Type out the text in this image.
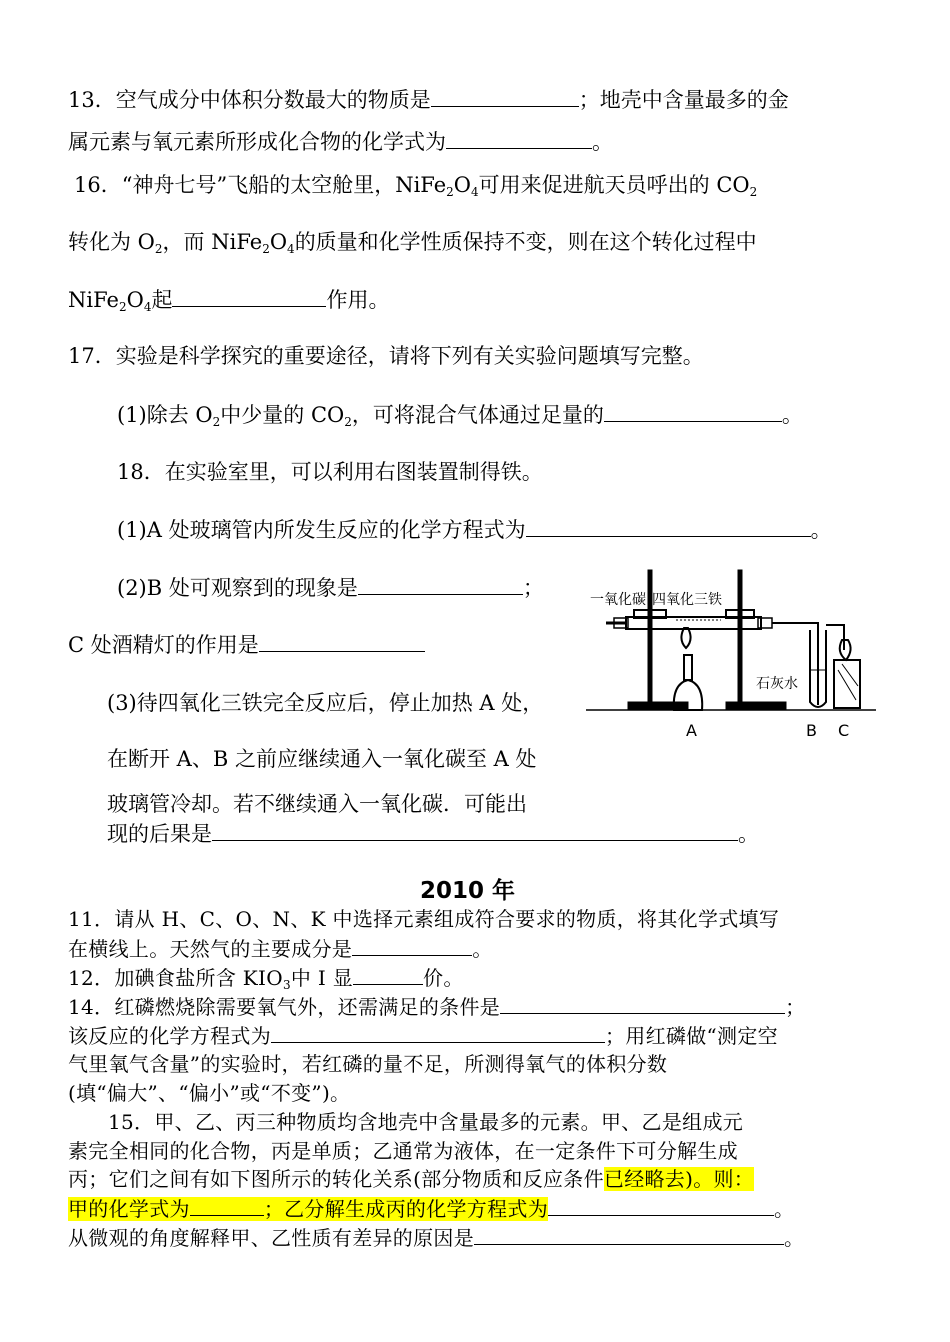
13．空气成分中体积分数最大的物质是	；地壳中含量最多的金
属元素与氧元素所形成化合物的化学式为	。
16．“神舟七号”飞船的太空舱里，$NiFe_2O_4$可用来促进航天员呼出的 $CO_2$
转化为 $O_2$，而 $NiFe_2O_4$的质量和化学性质保持不变，则在这个转化过程中
$NiFe_2O_4$起	作用。
17．实验是科学探究的重要途径，请将下列有关实验问题填写完整。
(1)除去 $O_2$中少量的 $CO_2$，可将混合气体通过足量的	。
18．在实验室里，可以利用右图装置制得铁。
(1)A 处玻璃管内所发生反应的化学方程式为	。
(2)B 处可观察到的现象是	；
C 处酒精灯的作用是
(3)待四氧化三铁完全反应后，停止加热 A 处，
在断开 A、B 之前应继续通入一氧化碳至 A 处
玻璃管冷却。若不继续通入一氧化碳．可能出
现的后果是	。
一氧化碳 四氧化三铁
石灰水
A	B C
2010 年
11．请从 H、C、O、N、K 中选择元素组成符合要求的物质，将其化学式填写
在横线上。天然气的主要成分是	。
12．加碘食盐所含 $KIO_3$中 I 显	价。
14．红磷燃烧除需要氧气外，还需满足的条件是	；
该反应的化学方程式为	；用红磷做“测定空
气里氧气含量”的实验时，若红磷的量不足，所测得氧气的体积分数
(填“偏大”、“偏小”或“不变”)。
15．甲、乙、丙三种物质均含地壳中含量最多的元素。甲、乙是组成元
素完全相同的化合物，丙是单质；乙通常为液体，在一定条件下可分解生成
丙；它们之间有如下图所示的转化关系(部分物质和反应条件已经略去)。则：
甲的化学式为	；乙分解生成丙的化学方程式为	。
从微观的角度解释甲、乙性质有差异的原因是	。
